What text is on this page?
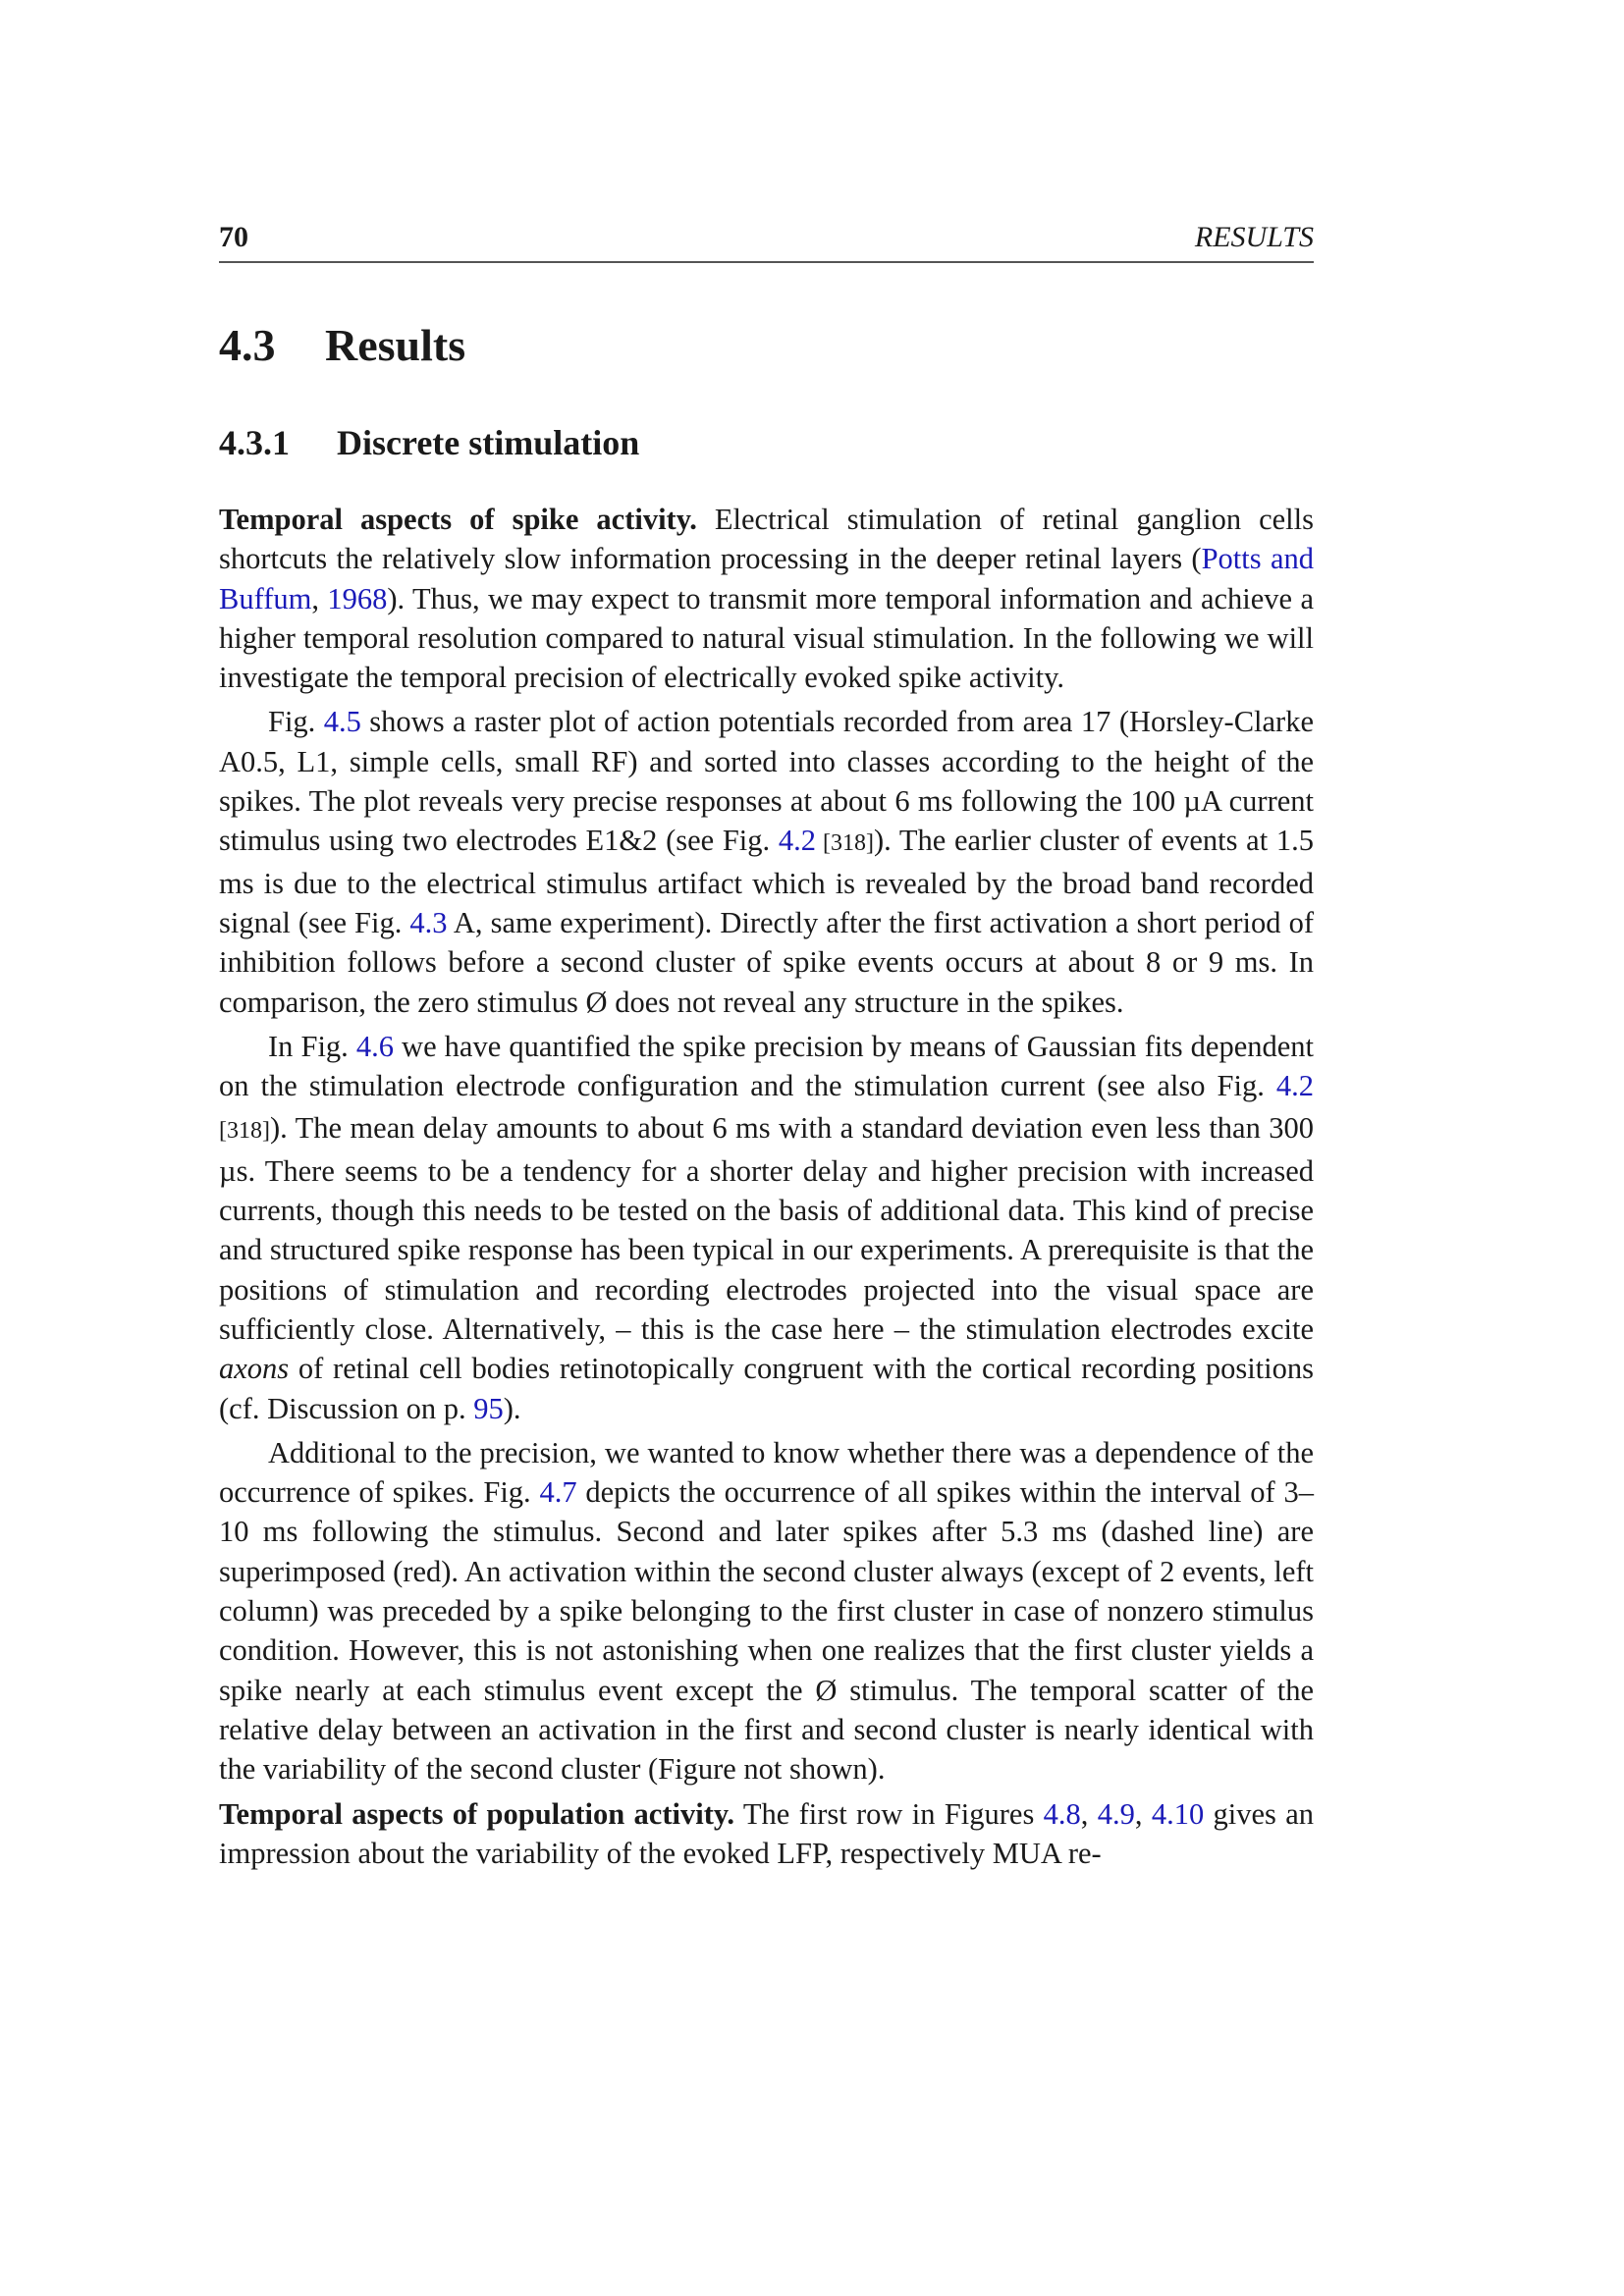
70	RESULTS
4.3 Results
4.3.1 Discrete stimulation

Temporal aspects of spike activity. Electrical stimulation of retinal ganglion cells shortcuts the relatively slow information processing in the deeper retinal layers (Potts and Buffum, 1968). Thus, we may expect to transmit more temporal information and achieve a higher temporal resolution compared to natural visual stimulation. In the following we will investigate the temporal precision of electrically evoked spike activity.

Fig. 4.5 shows a raster plot of action potentials recorded from area 17 (Horsley-Clarke A0.5, L1, simple cells, small RF) and sorted into classes according to the height of the spikes. The plot reveals very precise responses at about 6 ms following the 100 µA current stimulus using two electrodes E1&2 (see Fig. 4.2 [318]). The earlier cluster of events at 1.5 ms is due to the electrical stimulus artifact which is revealed by the broad band recorded signal (see Fig. 4.3 A, same experiment). Directly after the first activation a short period of inhibition follows before a second cluster of spike events occurs at about 8 or 9 ms. In comparison, the zero stimulus Ø does not reveal any structure in the spikes.

In Fig. 4.6 we have quantified the spike precision by means of Gaussian fits dependent on the stimulation electrode configuration and the stimulation current (see also Fig. 4.2 [318]). The mean delay amounts to about 6 ms with a standard deviation even less than 300 µs. There seems to be a tendency for a shorter delay and higher precision with increased currents, though this needs to be tested on the basis of additional data. This kind of precise and structured spike response has been typical in our experiments. A prerequisite is that the positions of stimulation and recording electrodes projected into the visual space are sufficiently close. Alternatively, – this is the case here – the stimulation electrodes excite axons of retinal cell bodies retinotopically congruent with the cortical recording positions (cf. Discussion on p. 95).

Additional to the precision, we wanted to know whether there was a dependence of the occurrence of spikes. Fig. 4.7 depicts the occurrence of all spikes within the interval of 3–10 ms following the stimulus. Second and later spikes after 5.3 ms (dashed line) are superimposed (red). An activation within the second cluster always (except of 2 events, left column) was preceded by a spike belonging to the first cluster in case of nonzero stimulus condition. However, this is not astonishing when one realizes that the first cluster yields a spike nearly at each stimulus event except the Ø stimulus. The temporal scatter of the relative delay between an activation in the first and second cluster is nearly identical with the variability of the second cluster (Figure not shown).

Temporal aspects of population activity. The first row in Figures 4.8, 4.9, 4.10 gives an impression about the variability of the evoked LFP, respectively MUA re-
